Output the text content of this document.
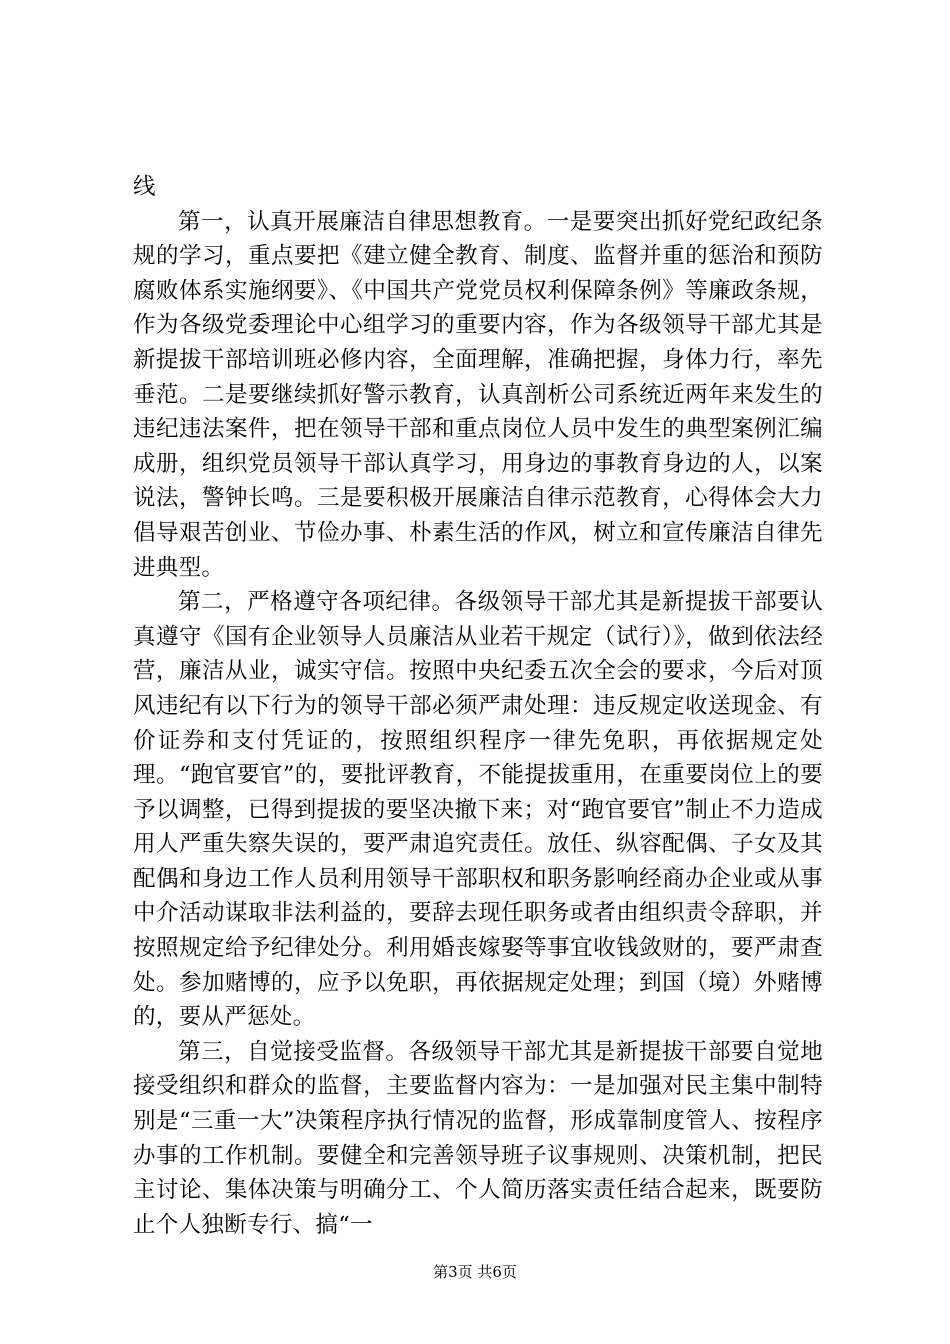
线

第一，认真开展廉洁自律思想教育。一是要突出抓好党纪政纪条规的学习，重点要把《建立健全教育、制度、监督并重的惩治和预防腐败体系实施纲要》、《中国共产党党员权利保障条例》等廉政条规，作为各级党委理论中心组学习的重要内容，作为各级领导干部尤其是新提拔干部培训班必修内容，全面理解，准确把握，身体力行，率先垂范。二是要继续抓好警示教育，认真剖析公司系统近两年来发生的违纪违法案件，把在领导干部和重点岗位人员中发生的典型案例汇编成册，组织党员领导干部认真学习，用身边的事教育身边的人，以案说法，警钟长鸣。三是要积极开展廉洁自律示范教育，心得体会大力倡导艰苦创业、节俭办事、朴素生活的作风，树立和宣传廉洁自律先进典型。

第二，严格遵守各项纪律。各级领导干部尤其是新提拔干部要认真遵守《国有企业领导人员廉洁从业若干规定（试行）》，做到依法经营，廉洁从业，诚实守信。按照中央纪委五次全会的要求，今后对顶风违纪有以下行为的领导干部必须严肃处理：违反规定收送现金、有价证券和支付凭证的，按照组织程序一律先免职，再依据规定处理。“跑官要官”的，要批评教育，不能提拔重用，在重要岗位上的要予以调整，已得到提拔的要坚决撤下来；对“跑官要官”制止不力造成用人严重失察失误的，要严肃追究责任。放任、纵容配偶、子女及其配偶和身边工作人员利用领导干部职权和职务影响经商办企业或从事中介活动谋取非法利益的，要辞去现任职务或者由组织责令辞职，并按照规定给予纪律处分。利用婚丧嫁娶等事宜收钱敛财的，要严肃查处。参加赌博的，应予以免职，再依据规定处理；到国（境）外赌博的，要从严惩处。

第三，自觉接受监督。各级领导干部尤其是新提拔干部要自觉地接受组织和群众的监督，主要监督内容为：一是加强对民主集中制特别是“三重一大”决策程序执行情况的监督，形成靠制度管人、按程序办事的工作机制。要健全和完善领导班子议事规则、决策机制，把民主讨论、集体决策与明确分工、个人简历落实责任结合起来，既要防止个人独断专行、搞“一

第3页 共6页
